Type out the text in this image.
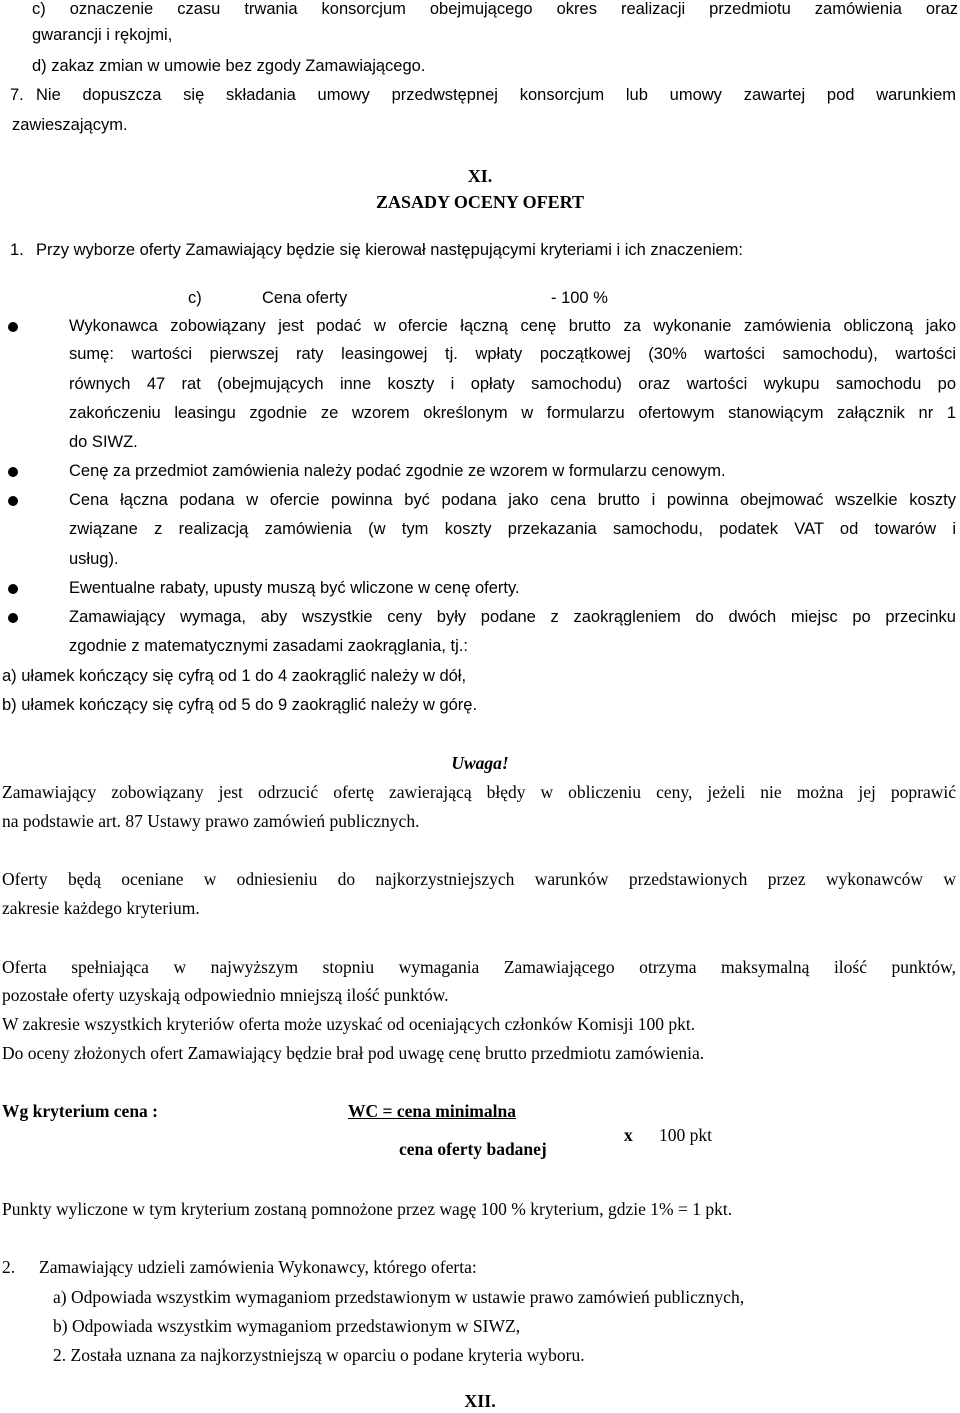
c) oznaczenie czasu trwania konsorcjum obejmującego okres realizacji przedmiotu zamówienia oraz
gwarancji i rękojmi,
d) zakaz zmian w umowie bez zgody Zamawiającego.
7. Nie dopuszcza się składania umowy przedwstępnej konsorcjum lub umowy zawartej pod warunkiem
zawieszającym.
XI.
ZASADY OCENY OFERT
1. Przy wyborze oferty Zamawiający będzie się kierował następującymi kryteriami i ich znaczeniem:
c)	Cena oferty	- 100 %
Wykonawca zobowiązany jest podać w ofercie łączną cenę brutto za wykonanie zamówienia obliczoną jako
sumę: wartości pierwszej raty leasingowej tj. wpłaty początkowej (30% wartości samochodu), wartości
równych 47 rat (obejmujących inne koszty i opłaty samochodu) oraz wartości wykupu samochodu po
zakończeniu leasingu zgodnie ze wzorem określonym w formularzu ofertowym stanowiącym załącznik nr 1
do SIWZ.
Cenę za przedmiot zamówienia należy podać zgodnie ze wzorem w formularzu cenowym.
Cena łączna podana w ofercie powinna być podana jako cena brutto i powinna obejmować wszelkie koszty
związane z realizacją zamówienia (w tym koszty przekazania samochodu, podatek VAT od towarów i
usług).
Ewentualne rabaty, upusty muszą być wliczone w cenę oferty.
Zamawiający wymaga, aby wszystkie ceny były podane z zaokrągleniem do dwóch miejsc po przecinku
zgodnie z matematycznymi zasadami zaokrąglania, tj.:
a) ułamek kończący się cyfrą od 1 do 4 zaokrąglić należy w dół,
b) ułamek kończący się cyfrą od 5 do 9 zaokrąglić należy w górę.
Uwaga!
Zamawiający zobowiązany jest odrzucić ofertę zawierającą błędy w obliczeniu ceny, jeżeli nie można jej poprawić
na podstawie art. 87 Ustawy prawo zamówień publicznych.
Oferty będą oceniane w odniesieniu do najkorzystniejszych warunków przedstawionych przez wykonawców w
zakresie każdego kryterium.
Oferta spełniająca w najwyższym stopniu wymagania Zamawiającego otrzyma maksymalną ilość punktów,
pozostałe oferty uzyskają odpowiednio mniejszą ilość punktów.
W zakresie wszystkich kryteriów oferta może uzyskać od oceniających członków Komisji 100 pkt.
Do oceny złożonych ofert Zamawiający będzie brał pod uwagę cenę brutto przedmiotu zamówienia.
Wg kryterium cena :	WC = cena minimalna
cena oferty badanej
x 100 pkt
Punkty wyliczone w tym kryterium zostaną pomnożone przez wagę 100 % kryterium, gdzie 1% = 1 pkt.
2. Zamawiający udzieli zamówienia Wykonawcy, którego oferta:
a) Odpowiada wszystkim wymaganiom przedstawionym w ustawie prawo zamówień publicznych,
b) Odpowiada wszystkim wymaganiom przedstawionym w SIWZ,
2. Została uznana za najkorzystniejszą w oparciu o podane kryteria wyboru.
XII.
